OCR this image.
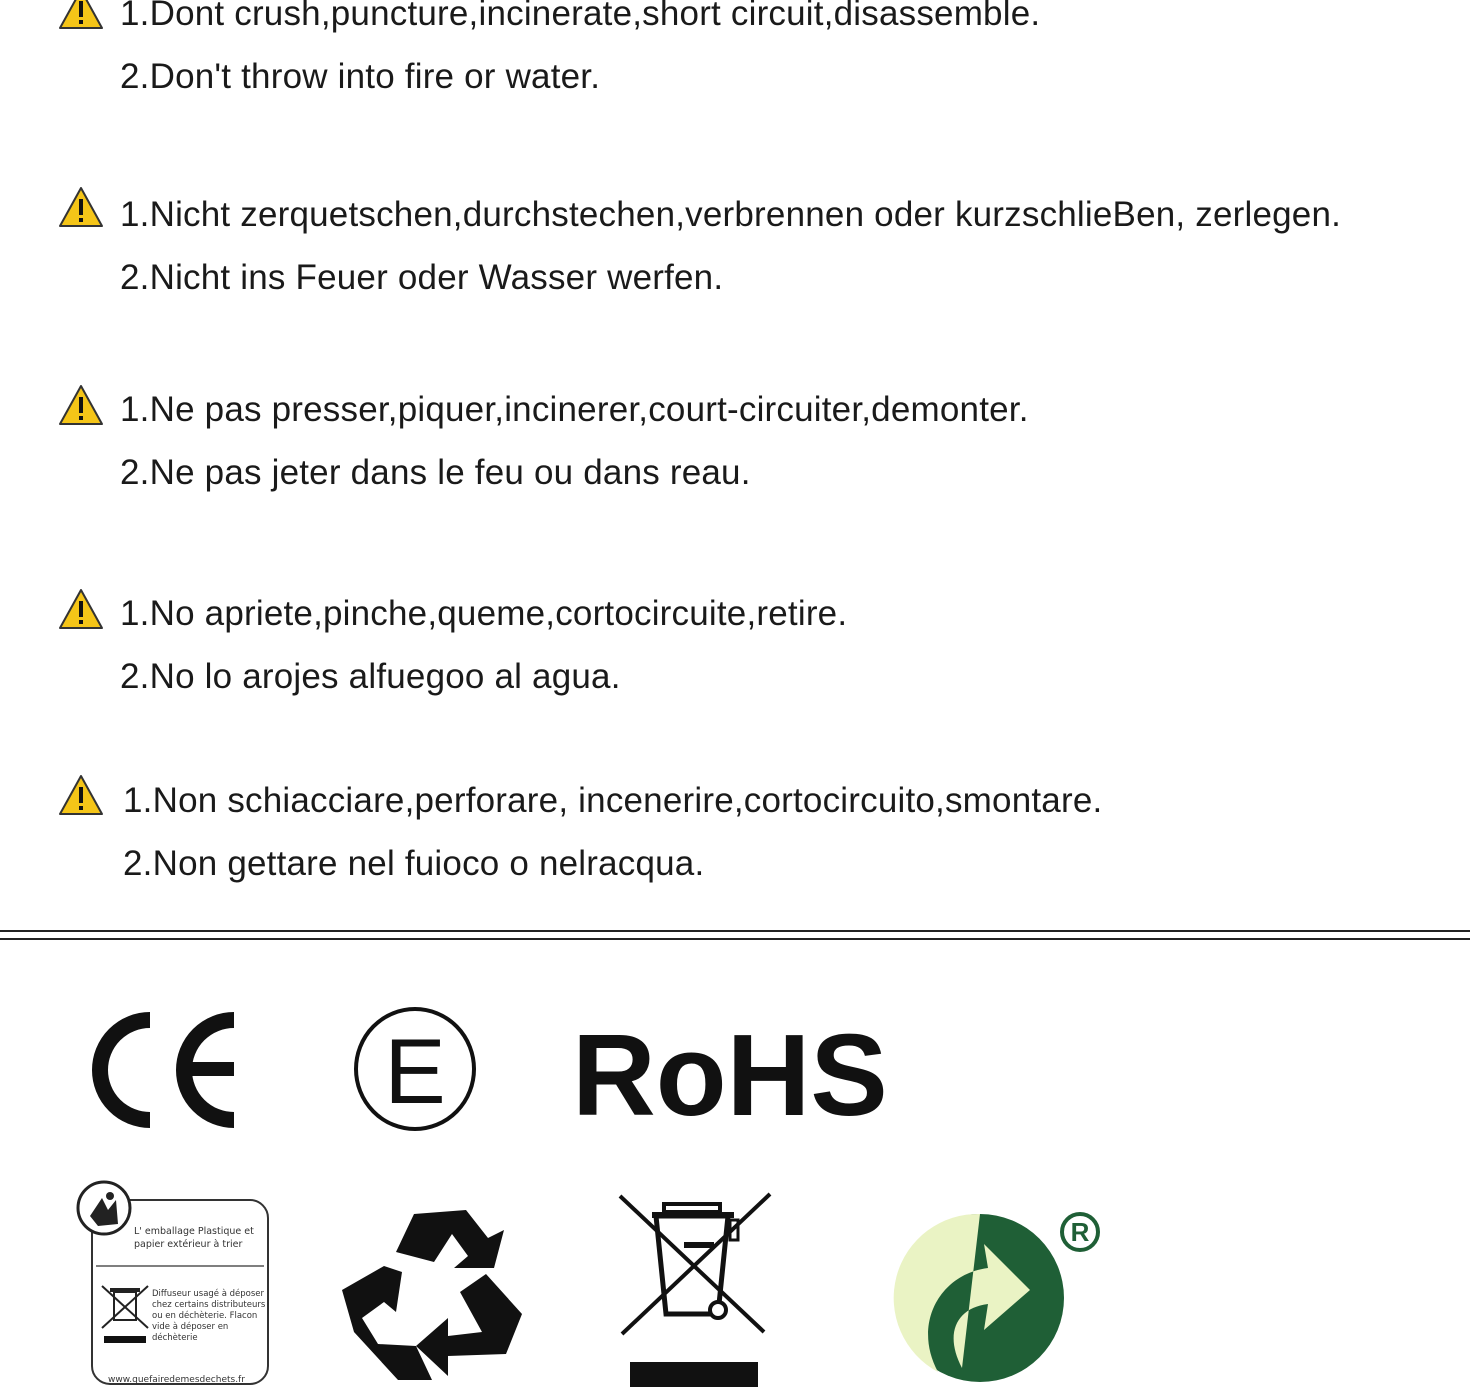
1.Dont crush,puncture,incinerate,short circuit,disassemble.
2.Don't throw into fire or water.
1.Nicht zerquetschen,durchstechen,verbrennen oder kurzschlieBen, zerlegen.
2.Nicht ins Feuer oder Wasser werfen.
1.Ne pas presser,piquer,incinerer,court-circuiter,demonter.
2.Ne pas jeter dans le feu ou dans reau.
1.No apriete,pinche,queme,cortocircuite,retire.
2.No lo arojes alfuegoo al agua.
1.Non schiacciare,perforare, incenerire,cortocircuito,smontare.
2.Non gettare nel fuioco o nelracqua.
E RoHS
L' emballage Plastique et
papier extérieur à trier
Diffuseur usagé à déposer
chez certains distributeurs
ou en déchèterie. Flacon
vide à déposer en
déchèterie
www.quefairedemesdechets.fr
R
